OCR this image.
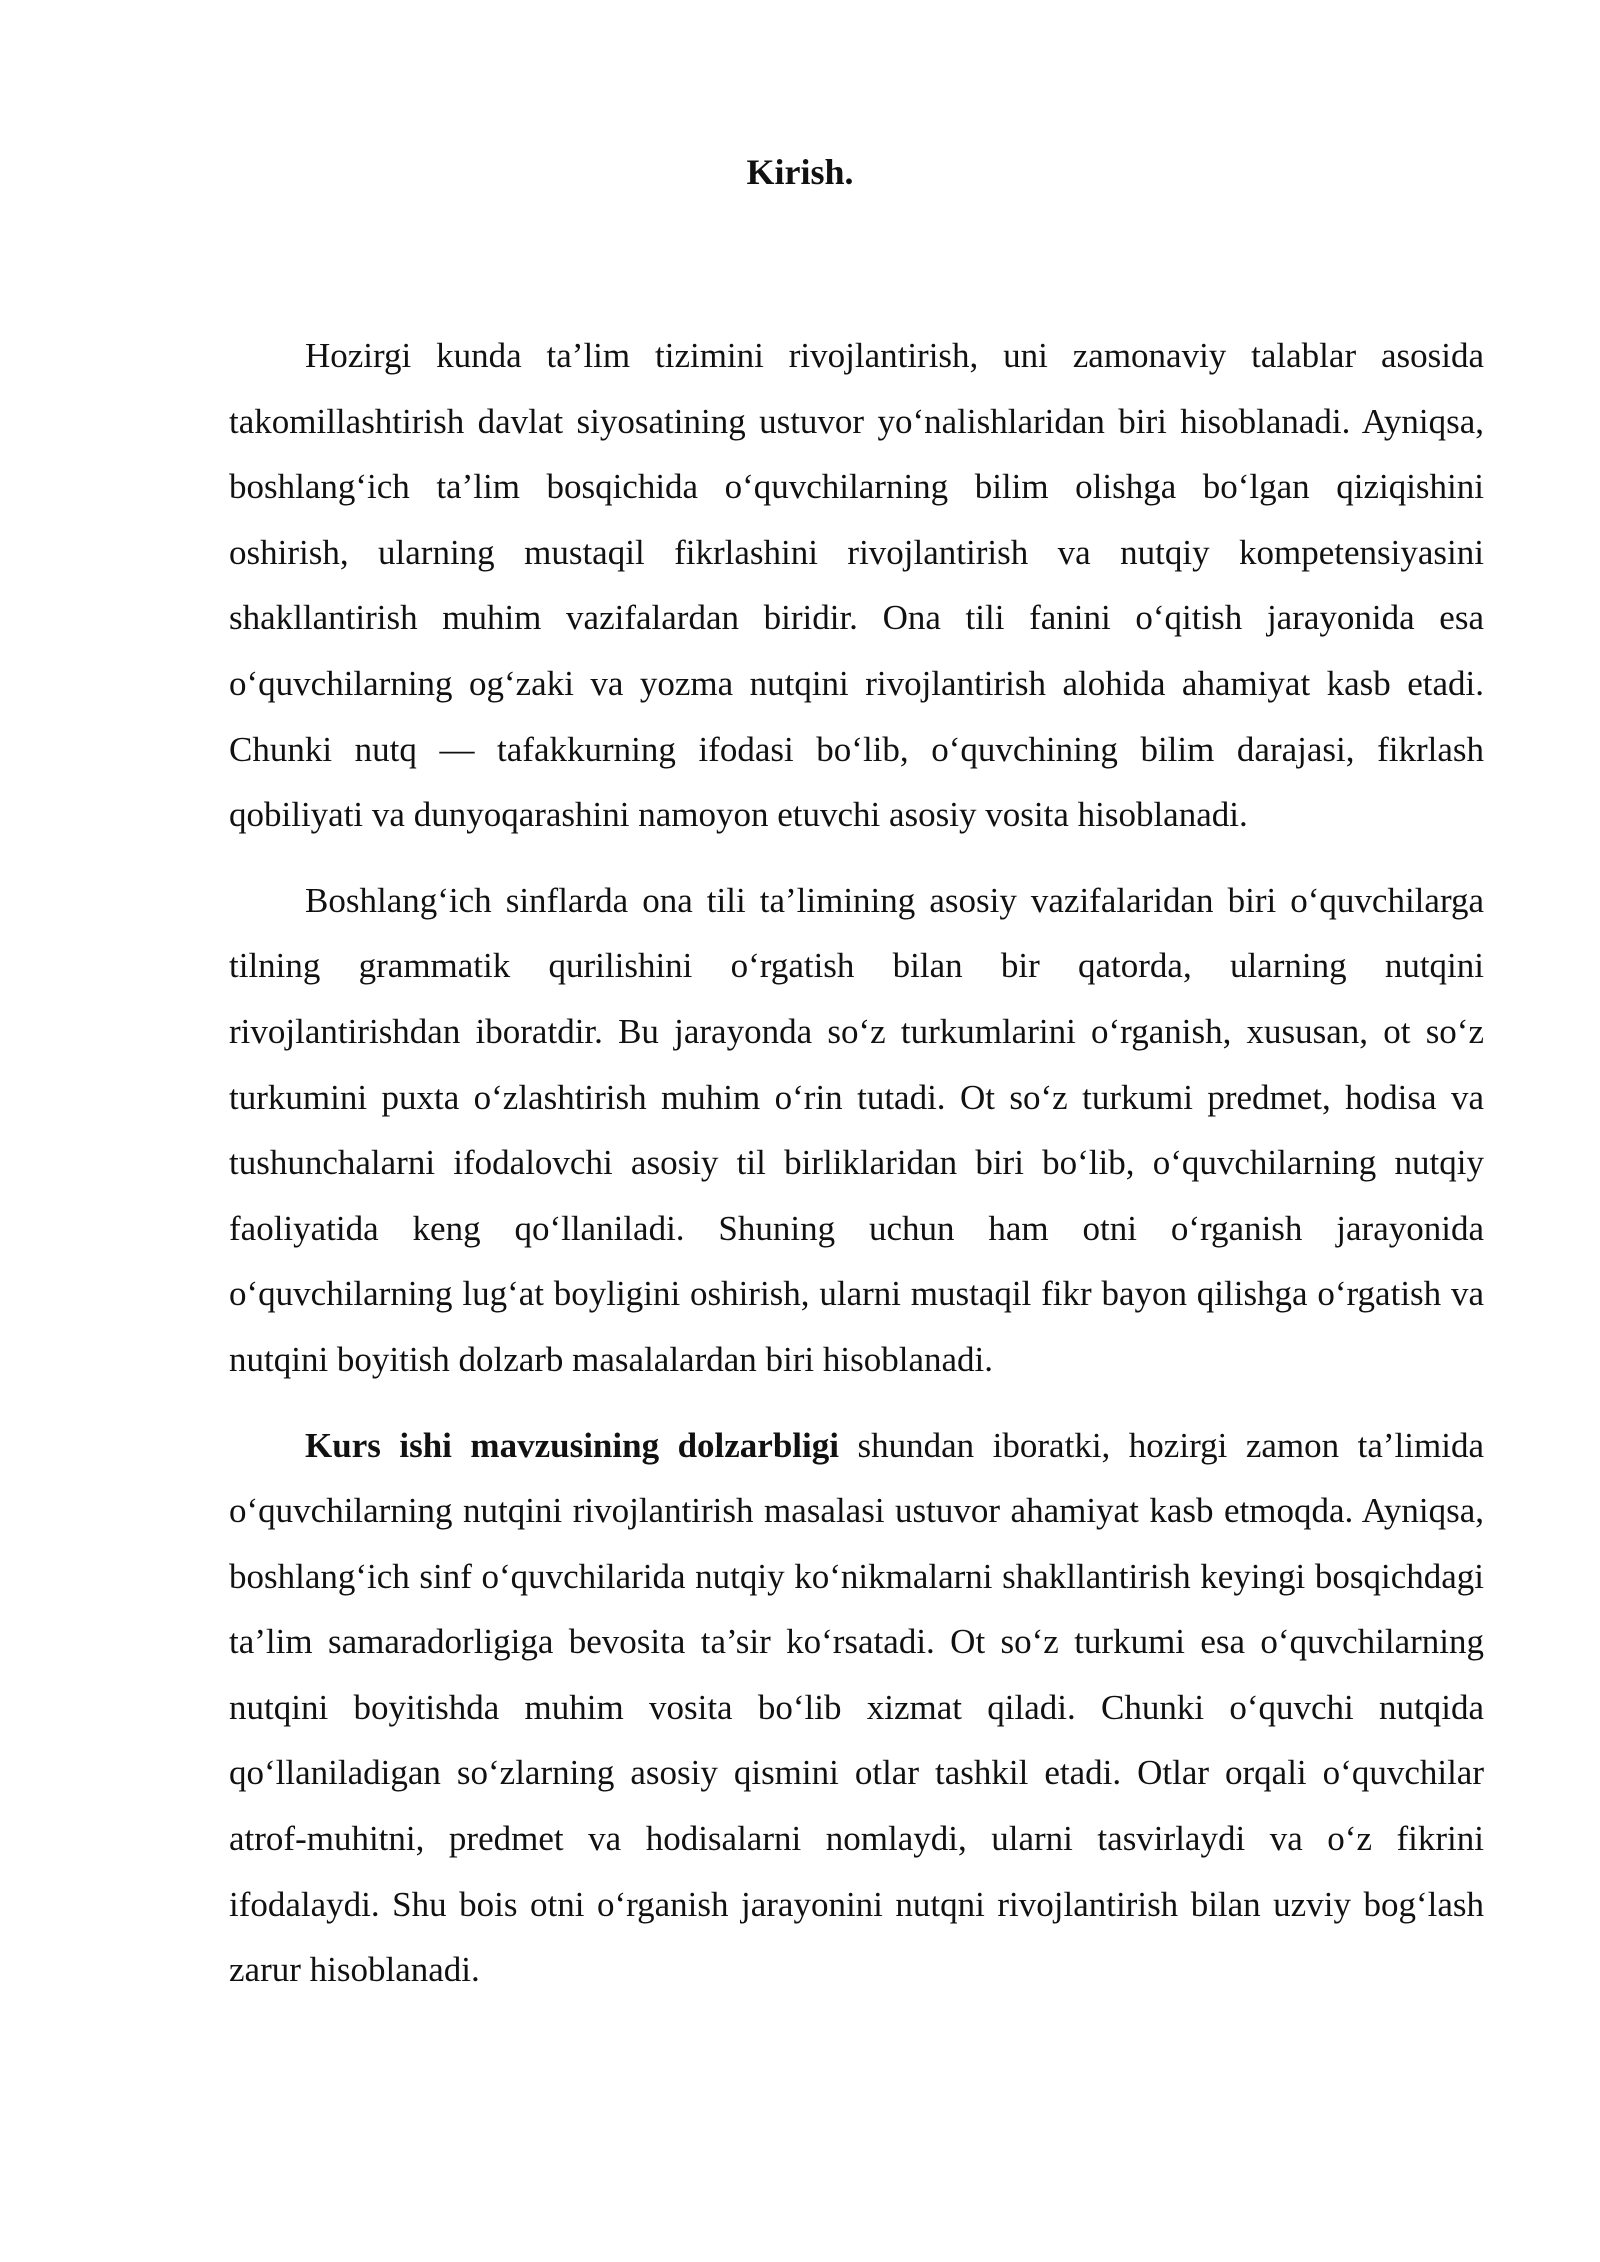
Kirish.

Hozirgi kunda ta’lim tizimini rivojlantirish, uni zamonaviy talablar asosida takomillashtirish davlat siyosatining ustuvor yo‘nalishlaridan biri hisoblanadi. Ayniqsa, boshlang‘ich ta’lim bosqichida o‘quvchilarning bilim olishga bo‘lgan qiziqishini oshirish, ularning mustaqil fikrlashini rivojlantirish va nutqiy kompetensiyasini shakllantirish muhim vazifalardan biridir. Ona tili fanini o‘qitish jarayonida esa o‘quvchilarning og‘zaki va yozma nutqini rivojlantirish alohida ahamiyat kasb etadi. Chunki nutq — tafakkurning ifodasi bo‘lib, o‘quvchining bilim darajasi, fikrlash qobiliyati va dunyoqarashini namoyon etuvchi asosiy vosita hisoblanadi.

Boshlang‘ich sinflarda ona tili ta’limining asosiy vazifalaridan biri o‘quvchilarga tilning grammatik qurilishini o‘rgatish bilan bir qatorda, ularning nutqini rivojlantirishdan iboratdir. Bu jarayonda so‘z turkumlarini o‘rganish, xususan, ot so‘z turkumini puxta o‘zlashtirish muhim o‘rin tutadi. Ot so‘z turkumi predmet, hodisa va tushunchalarni ifodalovchi asosiy til birliklaridan biri bo‘lib, o‘quvchilarning nutqiy faoliyatida keng qo‘llaniladi. Shuning uchun ham otni o‘rganish jarayonida o‘quvchilarning lug‘at boyligini oshirish, ularni mustaqil fikr bayon qilishga o‘rgatish va nutqini boyitish dolzarb masalalardan biri hisoblanadi.

Kurs ishi mavzusining dolzarbligi shundan iboratki, hozirgi zamon ta’limida o‘quvchilarning nutqini rivojlantirish masalasi ustuvor ahamiyat kasb etmoqda. Ayniqsa, boshlang‘ich sinf o‘quvchilarida nutqiy ko‘nikmalarni shakllantirish keyingi bosqichdagi ta’lim samaradorligiga bevosita ta’sir ko‘rsatadi. Ot so‘z turkumi esa o‘quvchilarning nutqini boyitishda muhim vosita bo‘lib xizmat qiladi. Chunki o‘quvchi nutqida qo‘llaniladigan so‘zlarning asosiy qismini otlar tashkil etadi. Otlar orqali o‘quvchilar atrof-muhitni, predmet va hodisalarni nomlaydi, ularni tasvirlaydi va o‘z fikrini ifodalaydi. Shu bois otni o‘rganish jarayonini nutqni rivojlantirish bilan uzviy bog‘lash zarur hisoblanadi.
